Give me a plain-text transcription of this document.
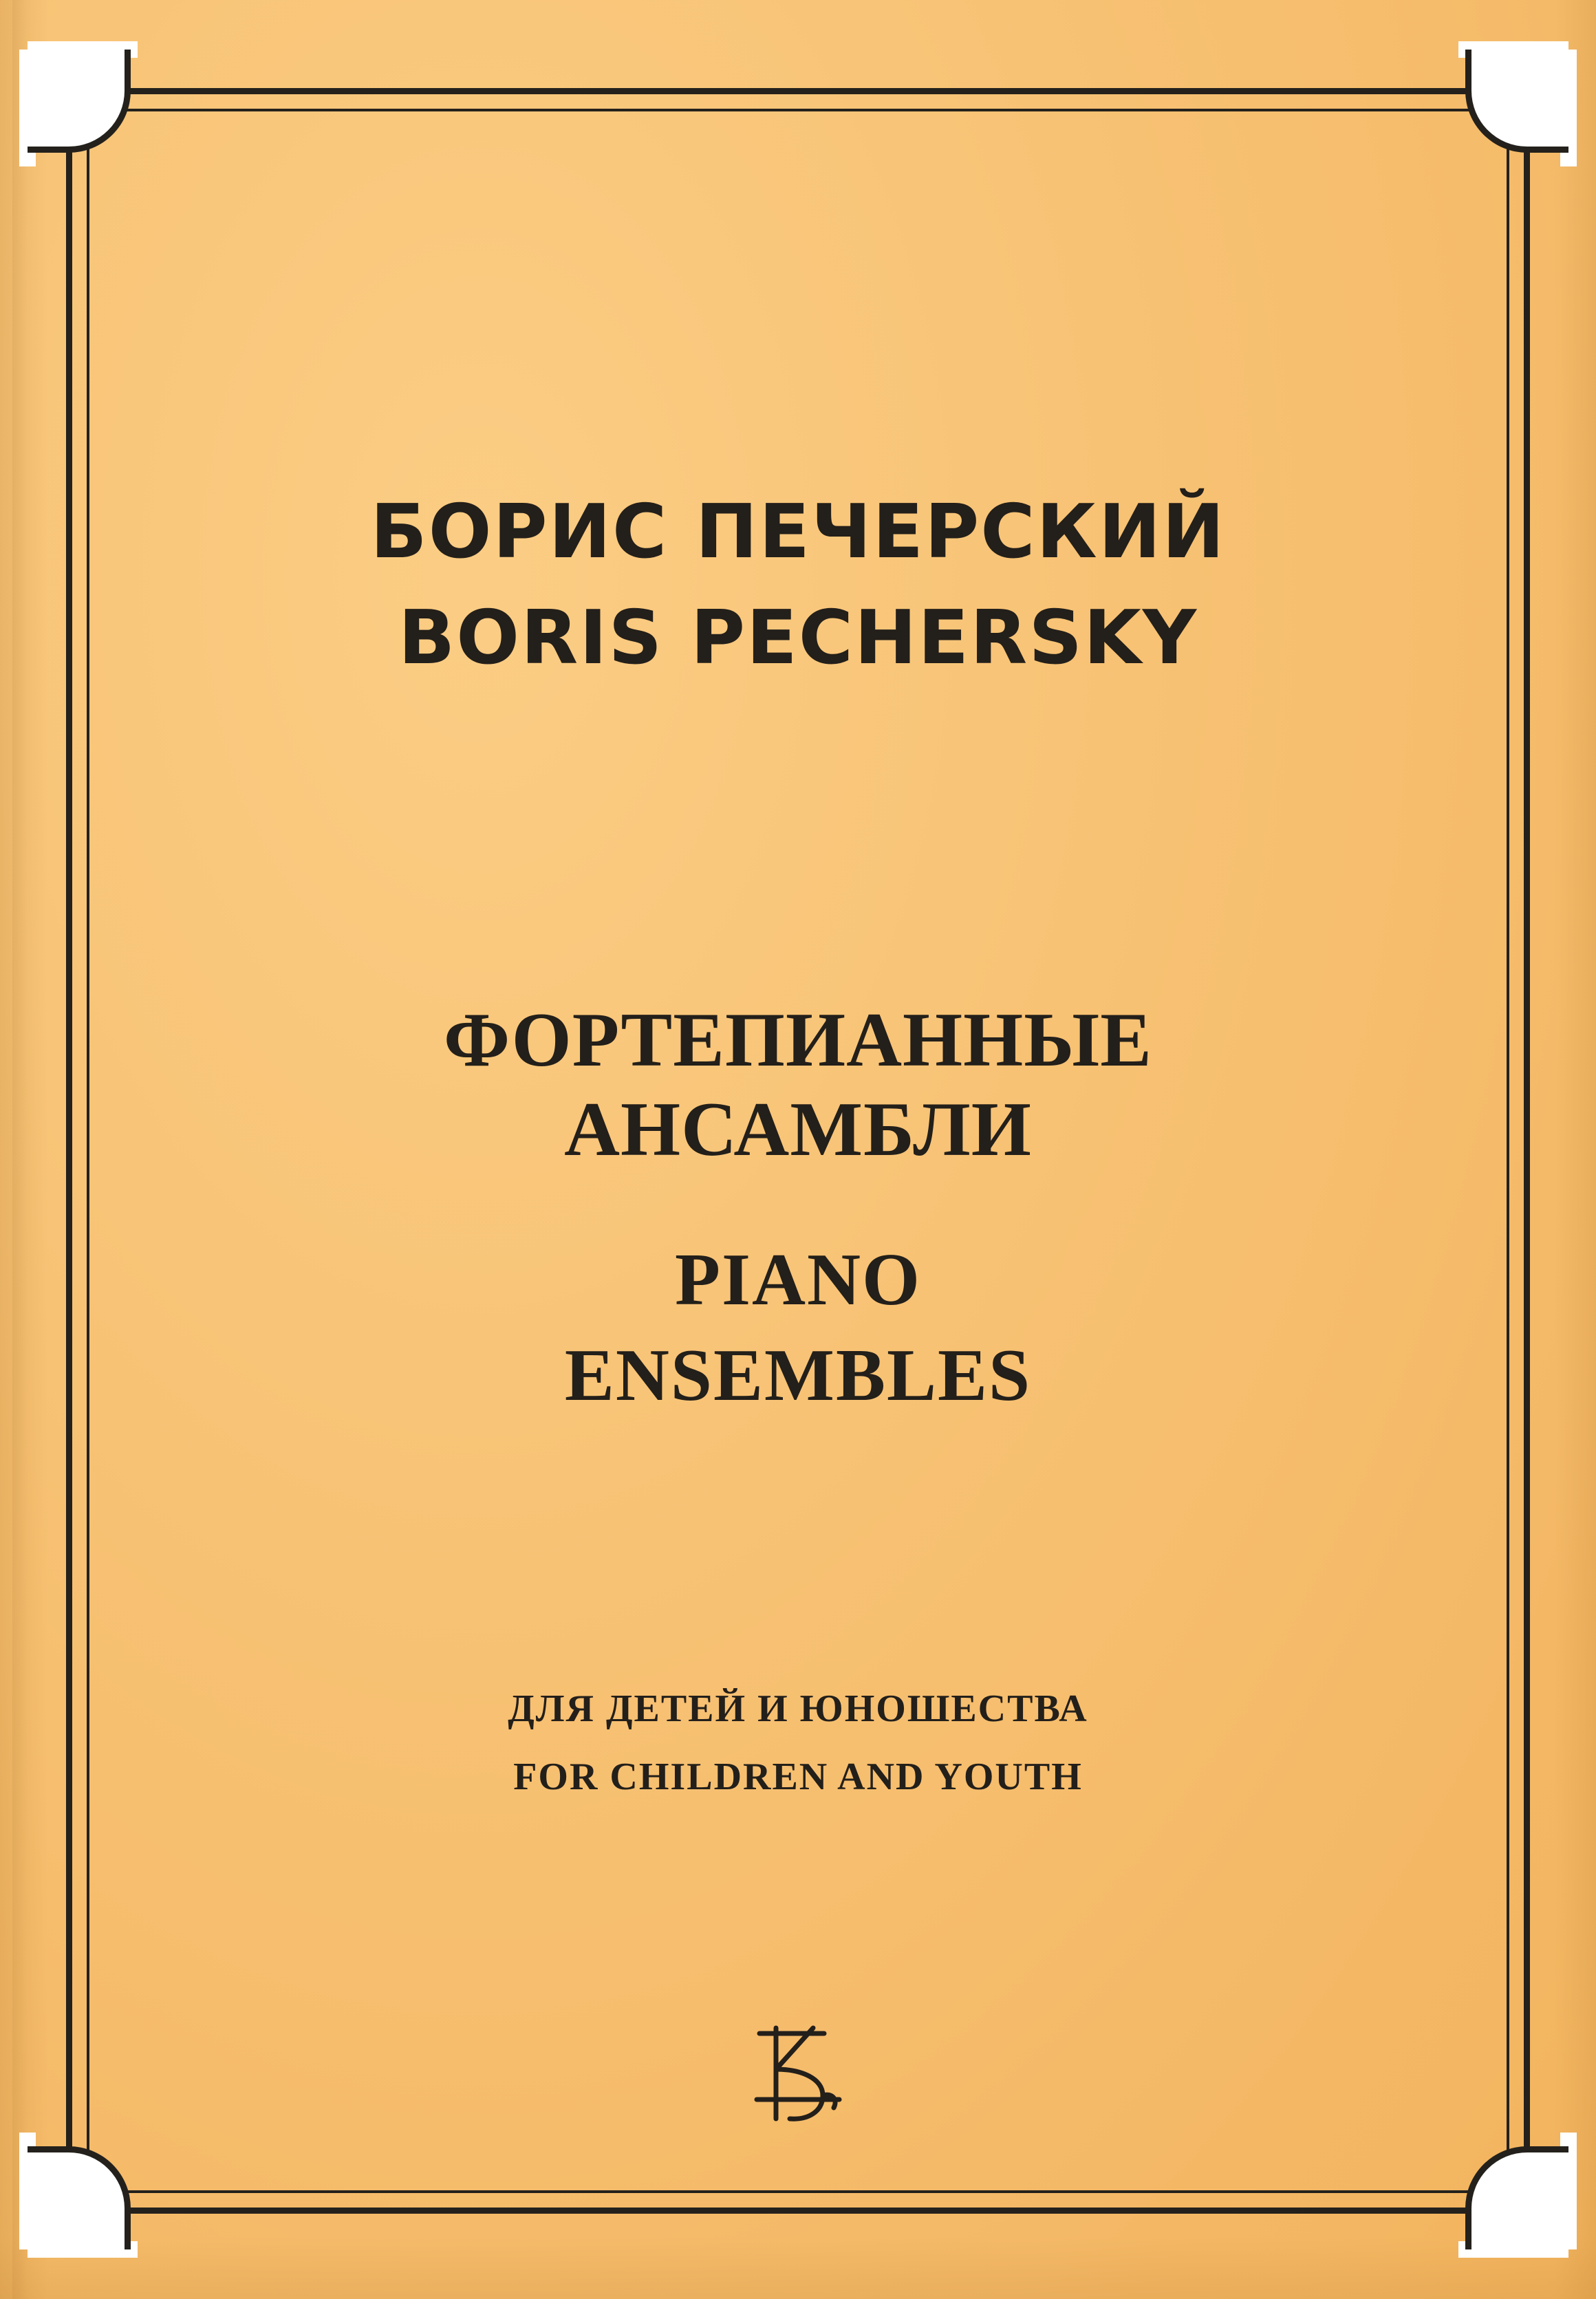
БОРИС ПЕЧЕРСКИЙ
BORIS PECHERSKY
ФОРТЕПИАННЫЕ
АНСАМБЛИ
PIANO
ENSEMBLES
ДЛЯ ДЕТЕЙ И ЮНОШЕСТВА
FOR CHILDREN AND YOUTH
